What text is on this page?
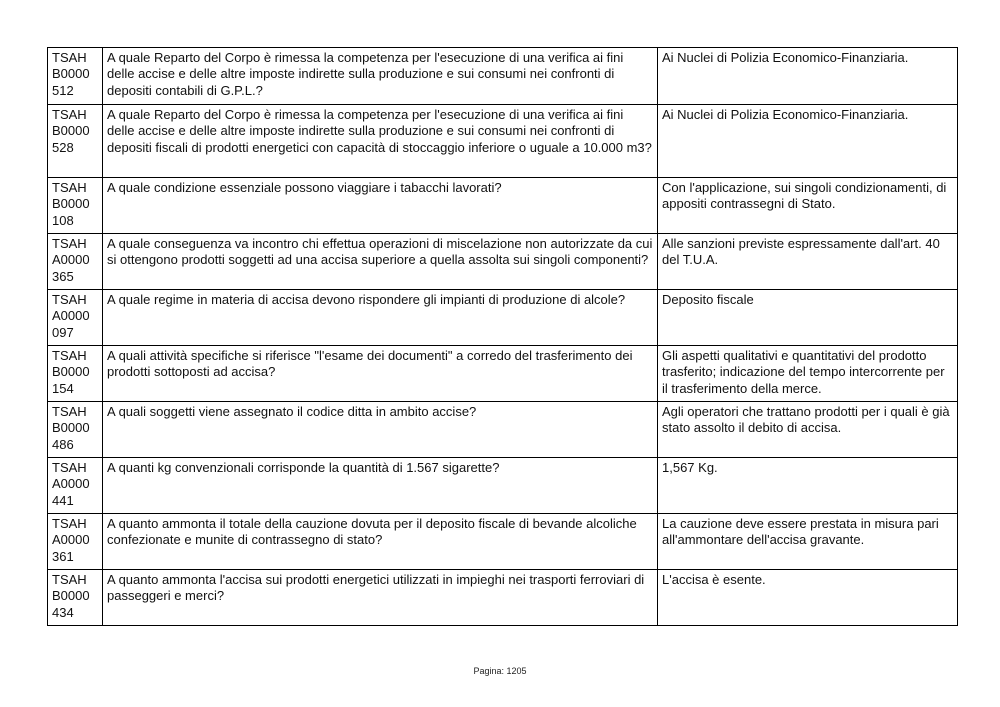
TSAH B0000 512	A quale Reparto del Corpo è rimessa la competenza per l'esecuzione di una verifica ai fini delle accise e delle altre imposte indirette sulla produzione e sui consumi nei confronti di depositi contabili di G.P.L.?	Ai Nuclei di Polizia Economico-Finanziaria.
TSAH B0000 528	A quale Reparto del Corpo è rimessa la competenza per l'esecuzione di una verifica ai fini delle accise e delle altre imposte indirette sulla produzione e sui consumi nei confronti di depositi fiscali di prodotti energetici con capacità di stoccaggio inferiore o uguale a 10.000 m3?	Ai Nuclei di Polizia Economico-Finanziaria.
TSAH B0000 108	A quale condizione essenziale possono viaggiare i tabacchi lavorati?	Con l'applicazione, sui singoli condizionamenti, di appositi contrassegni di Stato.
TSAH A0000 365	A quale conseguenza va incontro chi effettua operazioni di miscelazione non autorizzate da cui si ottengono prodotti soggetti ad una accisa superiore a quella assolta sui singoli componenti?	Alle sanzioni previste espressamente dall'art. 40 del T.U.A.
TSAH A0000 097	A quale regime in materia di accisa devono rispondere gli impianti di produzione di alcole?	Deposito fiscale
TSAH B0000 154	A quali attività specifiche si riferisce "l'esame dei documenti" a corredo del trasferimento dei prodotti sottoposti ad accisa?	Gli aspetti qualitativi e quantitativi del prodotto trasferito; indicazione del tempo intercorrente per il trasferimento della merce.
TSAH B0000 486	A quali soggetti viene assegnato il codice ditta in ambito accise?	Agli operatori che trattano prodotti per i quali è già stato assolto il debito di accisa.
TSAH A0000 441	A quanti kg convenzionali corrisponde la quantità di 1.567 sigarette?	1,567 Kg.
TSAH A0000 361	A quanto ammonta il totale della cauzione dovuta per il deposito fiscale di bevande alcoliche confezionate e munite di contrassegno di stato?	La cauzione deve essere prestata in misura pari all'ammontare dell'accisa gravante.
TSAH B0000 434	A quanto ammonta l'accisa sui prodotti energetici utilizzati in impieghi nei trasporti ferroviari di passeggeri e merci?	L'accisa è esente.
Pagina: 1205
